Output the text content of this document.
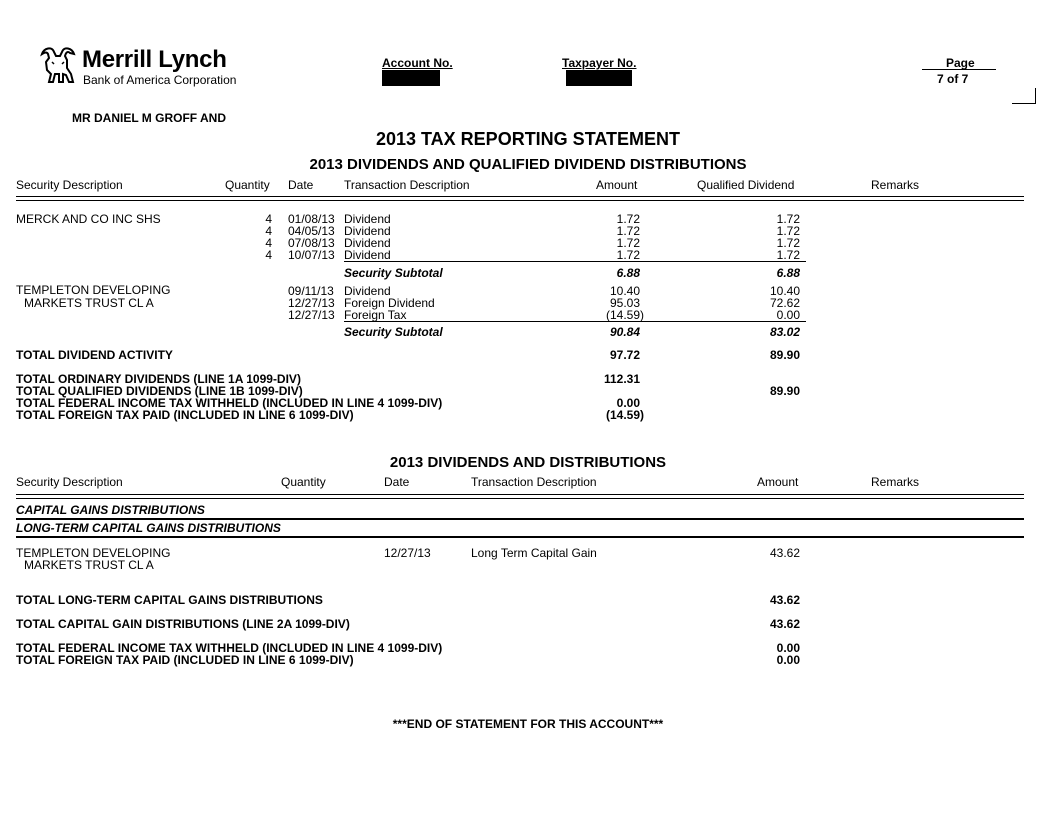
Merrill Lynch
Bank of America Corporation
Account No.	Taxpayer No.	Page
7 of 7
MR DANIEL M GROFF AND
2013 TAX REPORTING STATEMENT
2013 DIVIDENDS AND QUALIFIED DIVIDEND DISTRIBUTIONS
Security Description	Quantity Date	Transaction Description	Amount	Qualified Dividend	Remarks
MERCK AND CO INC SHS	4 01/08/13 Dividend	1.72	1.72
4 04/05/13 Dividend	1.72	1.72
4 07/08/13 Dividend	1.72	1.72
4 10/07/13 Dividend	1.72	1.72
Security Subtotal	6.88	6.88
TEMPLETON DEVELOPING
MARKETS TRUST CL A
09/11/13 Dividend	10.40	10.40
12/27/13 Foreign Dividend	95.03	72.62
12/27/13 Foreign Tax	(14.59)	0.00
Security Subtotal	90.84	83.02
TOTAL DIVIDEND ACTIVITY	97.72	89.90
TOTAL ORDINARY DIVIDENDS (LINE 1A 1099-DIV)	112.31
TOTAL QUALIFIED DIVIDENDS (LINE 1B 1099-DIV)	89.90
TOTAL FEDERAL INCOME TAX WITHHELD (INCLUDED IN LINE 4 1099-DIV)	0.00
TOTAL FOREIGN TAX PAID (INCLUDED IN LINE 6 1099-DIV)	(14.59)
2013 DIVIDENDS AND DISTRIBUTIONS
Security Description	Quantity	Date	Transaction Description	Amount	Remarks
CAPITAL GAINS DISTRIBUTIONS
LONG-TERM CAPITAL GAINS DISTRIBUTIONS
TEMPLETON DEVELOPING
MARKETS TRUST CL A
12/27/13	Long Term Capital Gain	43.62
TOTAL LONG-TERM CAPITAL GAINS DISTRIBUTIONS	43.62
TOTAL CAPITAL GAIN DISTRIBUTIONS (LINE 2A 1099-DIV)	43.62
TOTAL FEDERAL INCOME TAX WITHHELD (INCLUDED IN LINE 4 1099-DIV)	0.00
TOTAL FOREIGN TAX PAID (INCLUDED IN LINE 6 1099-DIV)	0.00
***END OF STATEMENT FOR THIS ACCOUNT***
